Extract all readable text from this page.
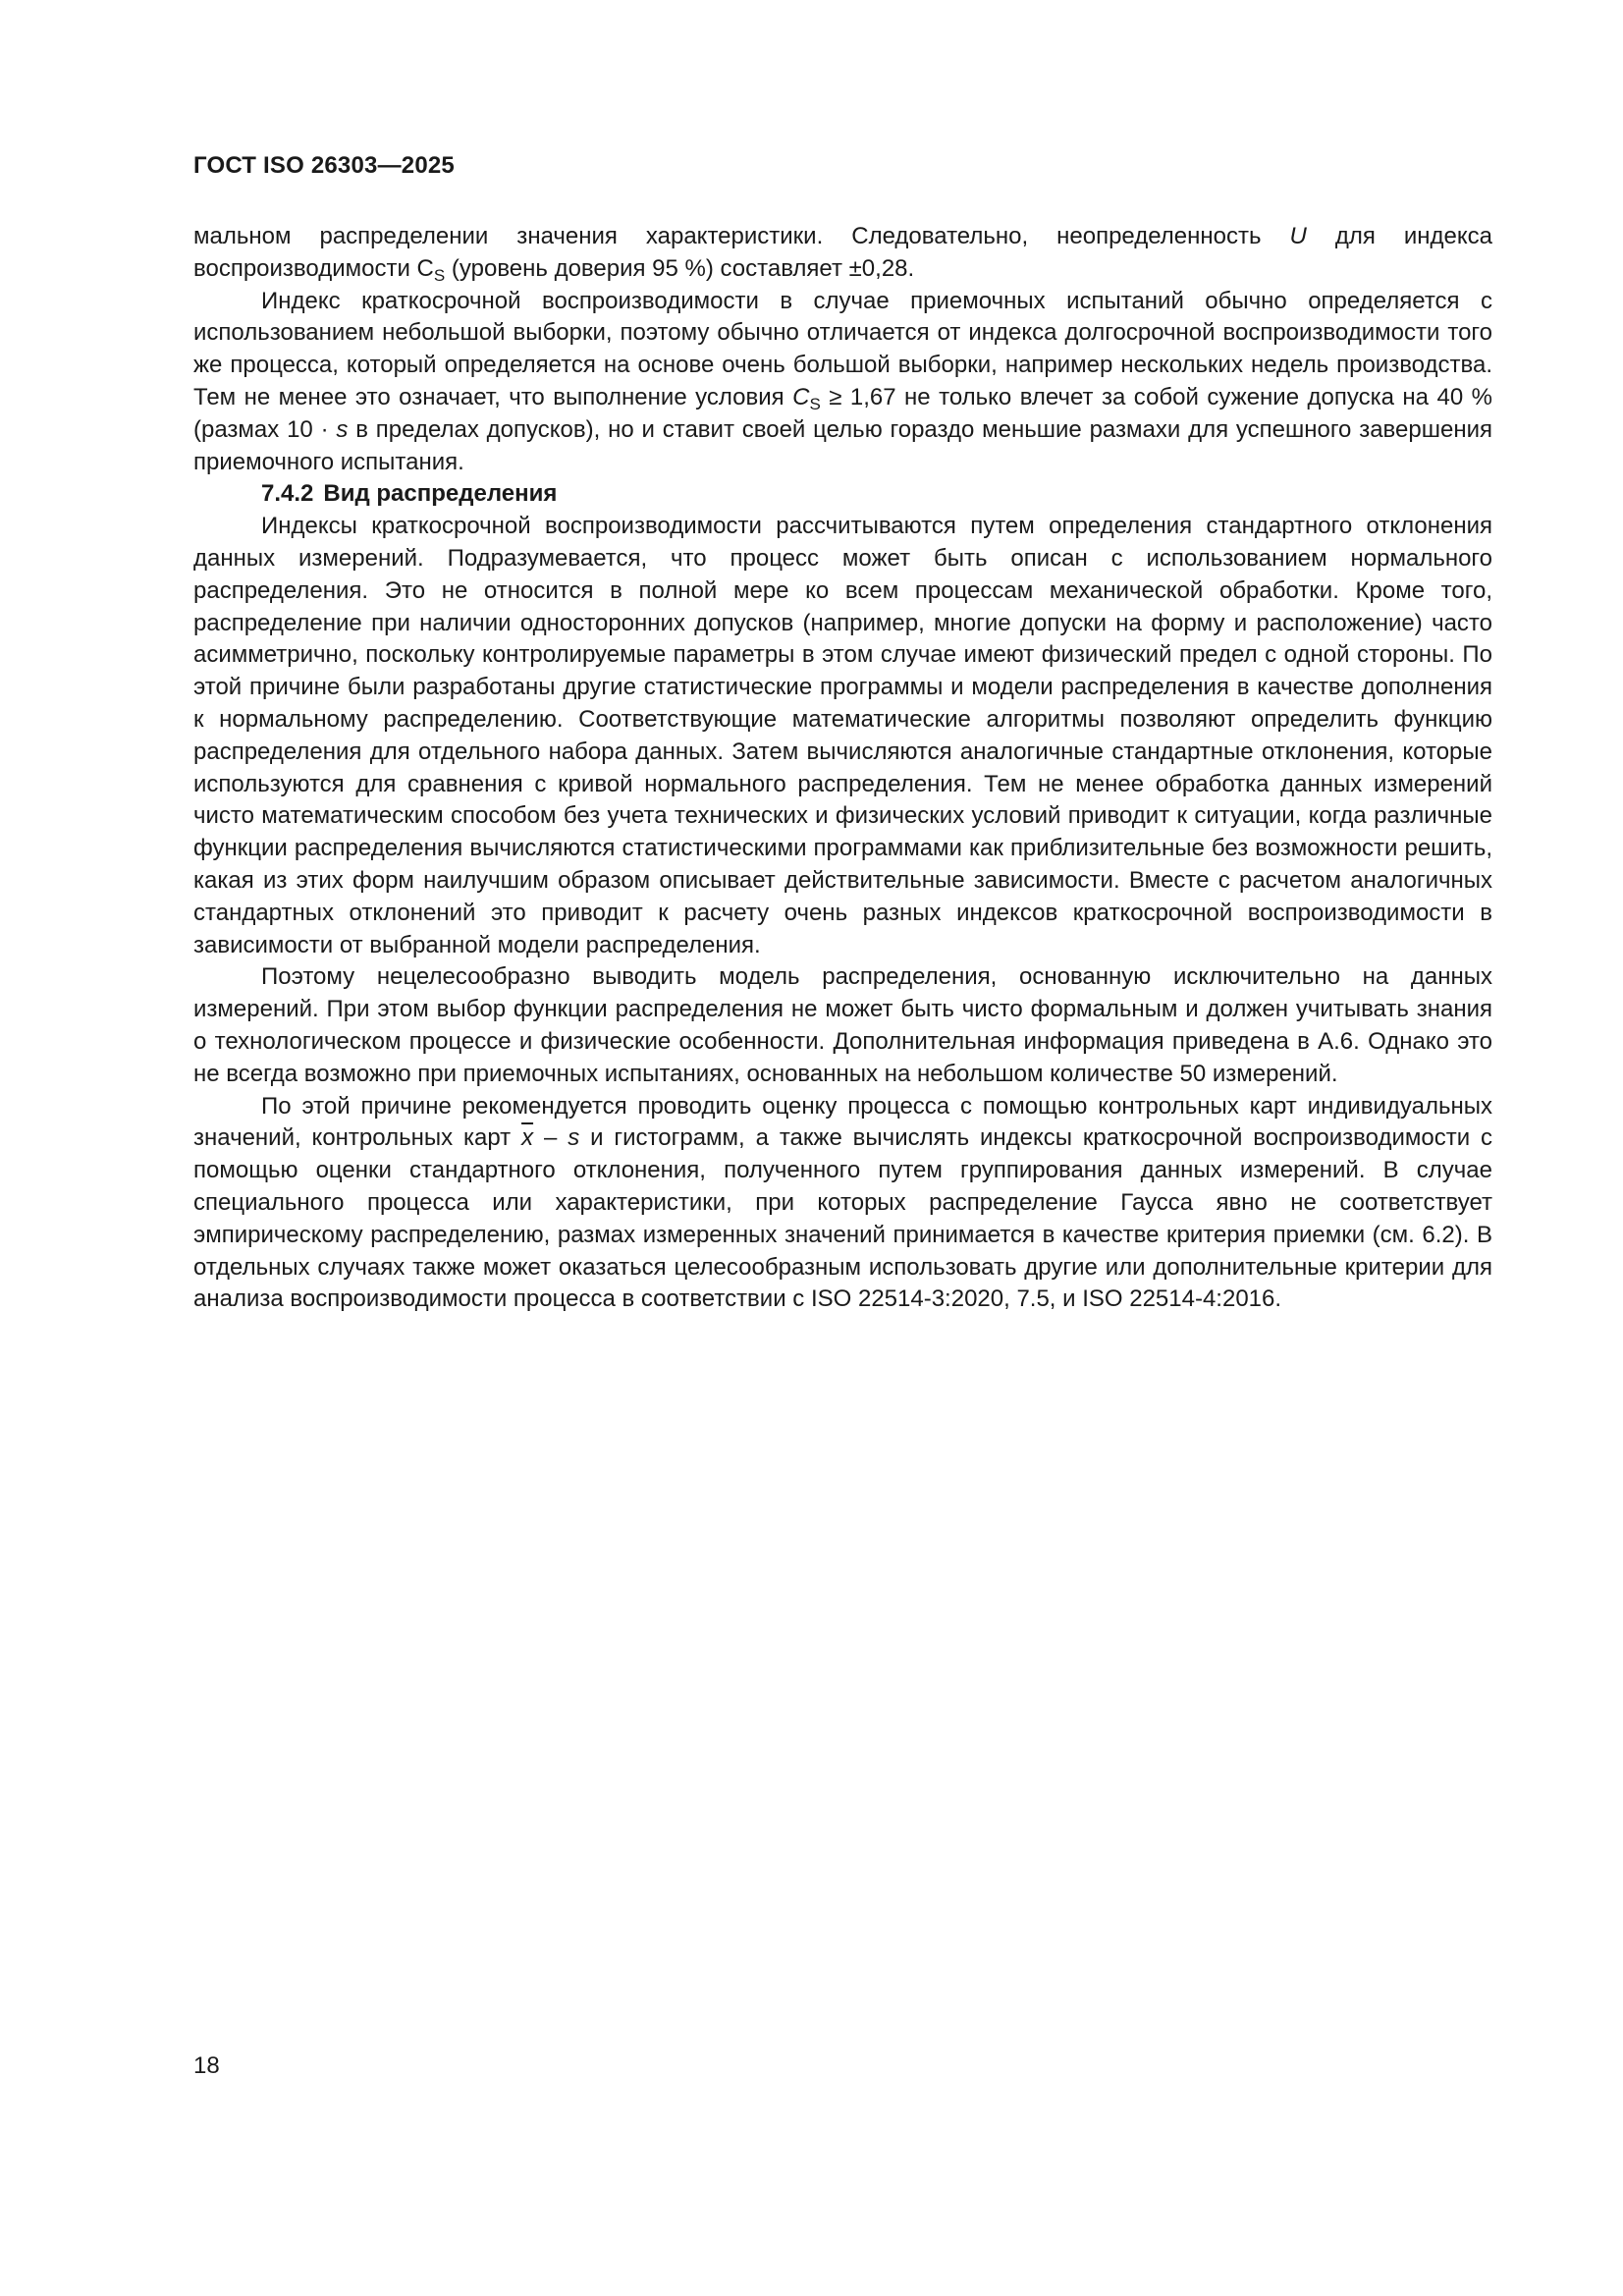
ГОСТ ISO 26303—2025

мальном распределении значения характеристики. Следовательно, неопределенность U для индекса воспроизводимости $C_S$ (уровень доверия 95 %) составляет ±0,28.

Индекс краткосрочной воспроизводимости в случае приемочных испытаний обычно определяется с использованием небольшой выборки, поэтому обычно отличается от индекса долгосрочной воспроизводимости того же процесса, который определяется на основе очень большой выборки, например нескольких недель производства. Тем не менее это означает, что выполнение условия $C_S \ge 1,67$ не только влечет за собой сужение допуска на 40 % (размах 10 · s в пределах допусков), но и ставит своей целью гораздо меньшие размахи для успешного завершения приемочного испытания.

7.4.2 Вид распределения

Индексы краткосрочной воспроизводимости рассчитываются путем определения стандартного отклонения данных измерений. Подразумевается, что процесс может быть описан с использованием нормального распределения. Это не относится в полной мере ко всем процессам механической обработки. Кроме того, распределение при наличии односторонних допусков (например, многие допуски на форму и расположение) часто асимметрично, поскольку контролируемые параметры в этом случае имеют физический предел с одной стороны. По этой причине были разработаны другие статистические программы и модели распределения в качестве дополнения к нормальному распределению. Соответствующие математические алгоритмы позволяют определить функцию распределения для отдельного набора данных. Затем вычисляются аналогичные стандартные отклонения, которые используются для сравнения с кривой нормального распределения. Тем не менее обработка данных измерений чисто математическим способом без учета технических и физических условий приводит к ситуации, когда различные функции распределения вычисляются статистическими программами как приблизительные без возможности решить, какая из этих форм наилучшим образом описывает действительные зависимости. Вместе с расчетом аналогичных стандартных отклонений это приводит к расчету очень разных индексов краткосрочной воспроизводимости в зависимости от выбранной модели распределения.

Поэтому нецелесообразно выводить модель распределения, основанную исключительно на данных измерений. При этом выбор функции распределения не может быть чисто формальным и должен учитывать знания о технологическом процессе и физические особенности. Дополнительная информация приведена в А.6. Однако это не всегда возможно при приемочных испытаниях, основанных на небольшом количестве 50 измерений.

По этой причине рекомендуется проводить оценку процесса с помощью контрольных карт индивидуальных значений, контрольных карт $\overline{x}$ – s и гистограмм, а также вычислять индексы краткосрочной воспроизводимости с помощью оценки стандартного отклонения, полученного путем группирования данных измерений. В случае специального процесса или характеристики, при которых распределение Гаусса явно не соответствует эмпирическому распределению, размах измеренных значений принимается в качестве критерия приемки (см. 6.2). В отдельных случаях также может оказаться целесообразным использовать другие или дополнительные критерии для анализа воспроизводимости процесса в соответствии с ISO 22514-3:2020, 7.5, и ISO 22514-4:2016.

18
